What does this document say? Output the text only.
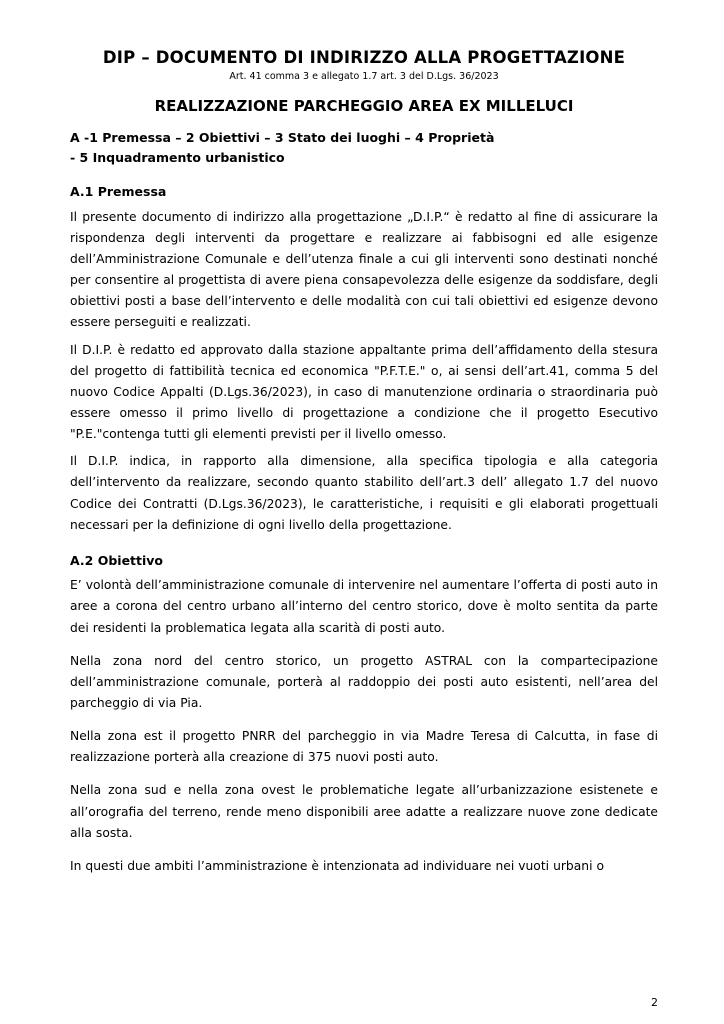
DIP – DOCUMENTO DI INDIRIZZO ALLA PROGETTAZIONE
Art. 41 comma 3 e allegato 1.7 art. 3 del D.Lgs. 36/2023
REALIZZAZIONE PARCHEGGIO AREA EX MILLELUCI
A -1 Premessa – 2 Obiettivi – 3 Stato dei luoghi – 4 Proprietà
- 5 Inquadramento urbanistico
A.1 Premessa

Il presente documento di indirizzo alla progettazione „D.I.P.“ è redatto al fine di assicurare la rispondenza degli interventi da progettare e realizzare ai fabbisogni ed alle esigenze dell’Amministrazione Comunale e dell’utenza finale a cui gli interventi sono destinati nonché per consentire al progettista di avere piena consapevolezza delle esigenze da soddisfare, degli obiettivi posti a base dell’intervento e delle modalità con cui tali obiettivi ed esigenze devono essere perseguiti e realizzati.

Il D.I.P. è redatto ed approvato dalla stazione appaltante prima dell’affidamento della stesura del progetto di fattibilità tecnica ed economica "P.F.T.E." o, ai sensi dell’art.41, comma 5 del nuovo Codice Appalti (D.Lgs.36/2023), in caso di manutenzione ordinaria o straordinaria può essere omesso il primo livello di progettazione a condizione che il progetto Esecutivo "P.E."contenga tutti gli elementi previsti per il livello omesso.

Il D.I.P. indica, in rapporto alla dimensione, alla specifica tipologia e alla categoria dell’intervento da realizzare, secondo quanto stabilito dell’art.3 dell’ allegato 1.7 del nuovo Codice dei Contratti (D.Lgs.36/2023), le caratteristiche, i requisiti e gli elaborati progettuali necessari per la definizione di ogni livello della progettazione.

A.2 Obiettivo

E’ volontà dell’amministrazione comunale di intervenire nel aumentare l’offerta di posti auto in aree a corona del centro urbano all’interno del centro storico, dove è molto sentita da parte dei residenti la problematica legata alla scarità di posti auto.

Nella zona nord del centro storico, un progetto ASTRAL con la compartecipazione dell’amministrazione comunale, porterà al raddoppio dei posti auto esistenti, nell’area del parcheggio di via Pia.

Nella zona est il progetto PNRR del parcheggio in via Madre Teresa di Calcutta, in fase di realizzazione porterà alla creazione di 375 nuovi posti auto.

Nella zona sud e nella zona ovest le problematiche legate all’urbanizzazione esistenete e all’orografia del terreno, rende meno disponibili aree adatte a realizzare nuove zone dedicate alla sosta.

In questi due ambiti l’amministrazione è intenzionata ad individuare nei vuoti urbani o

2
